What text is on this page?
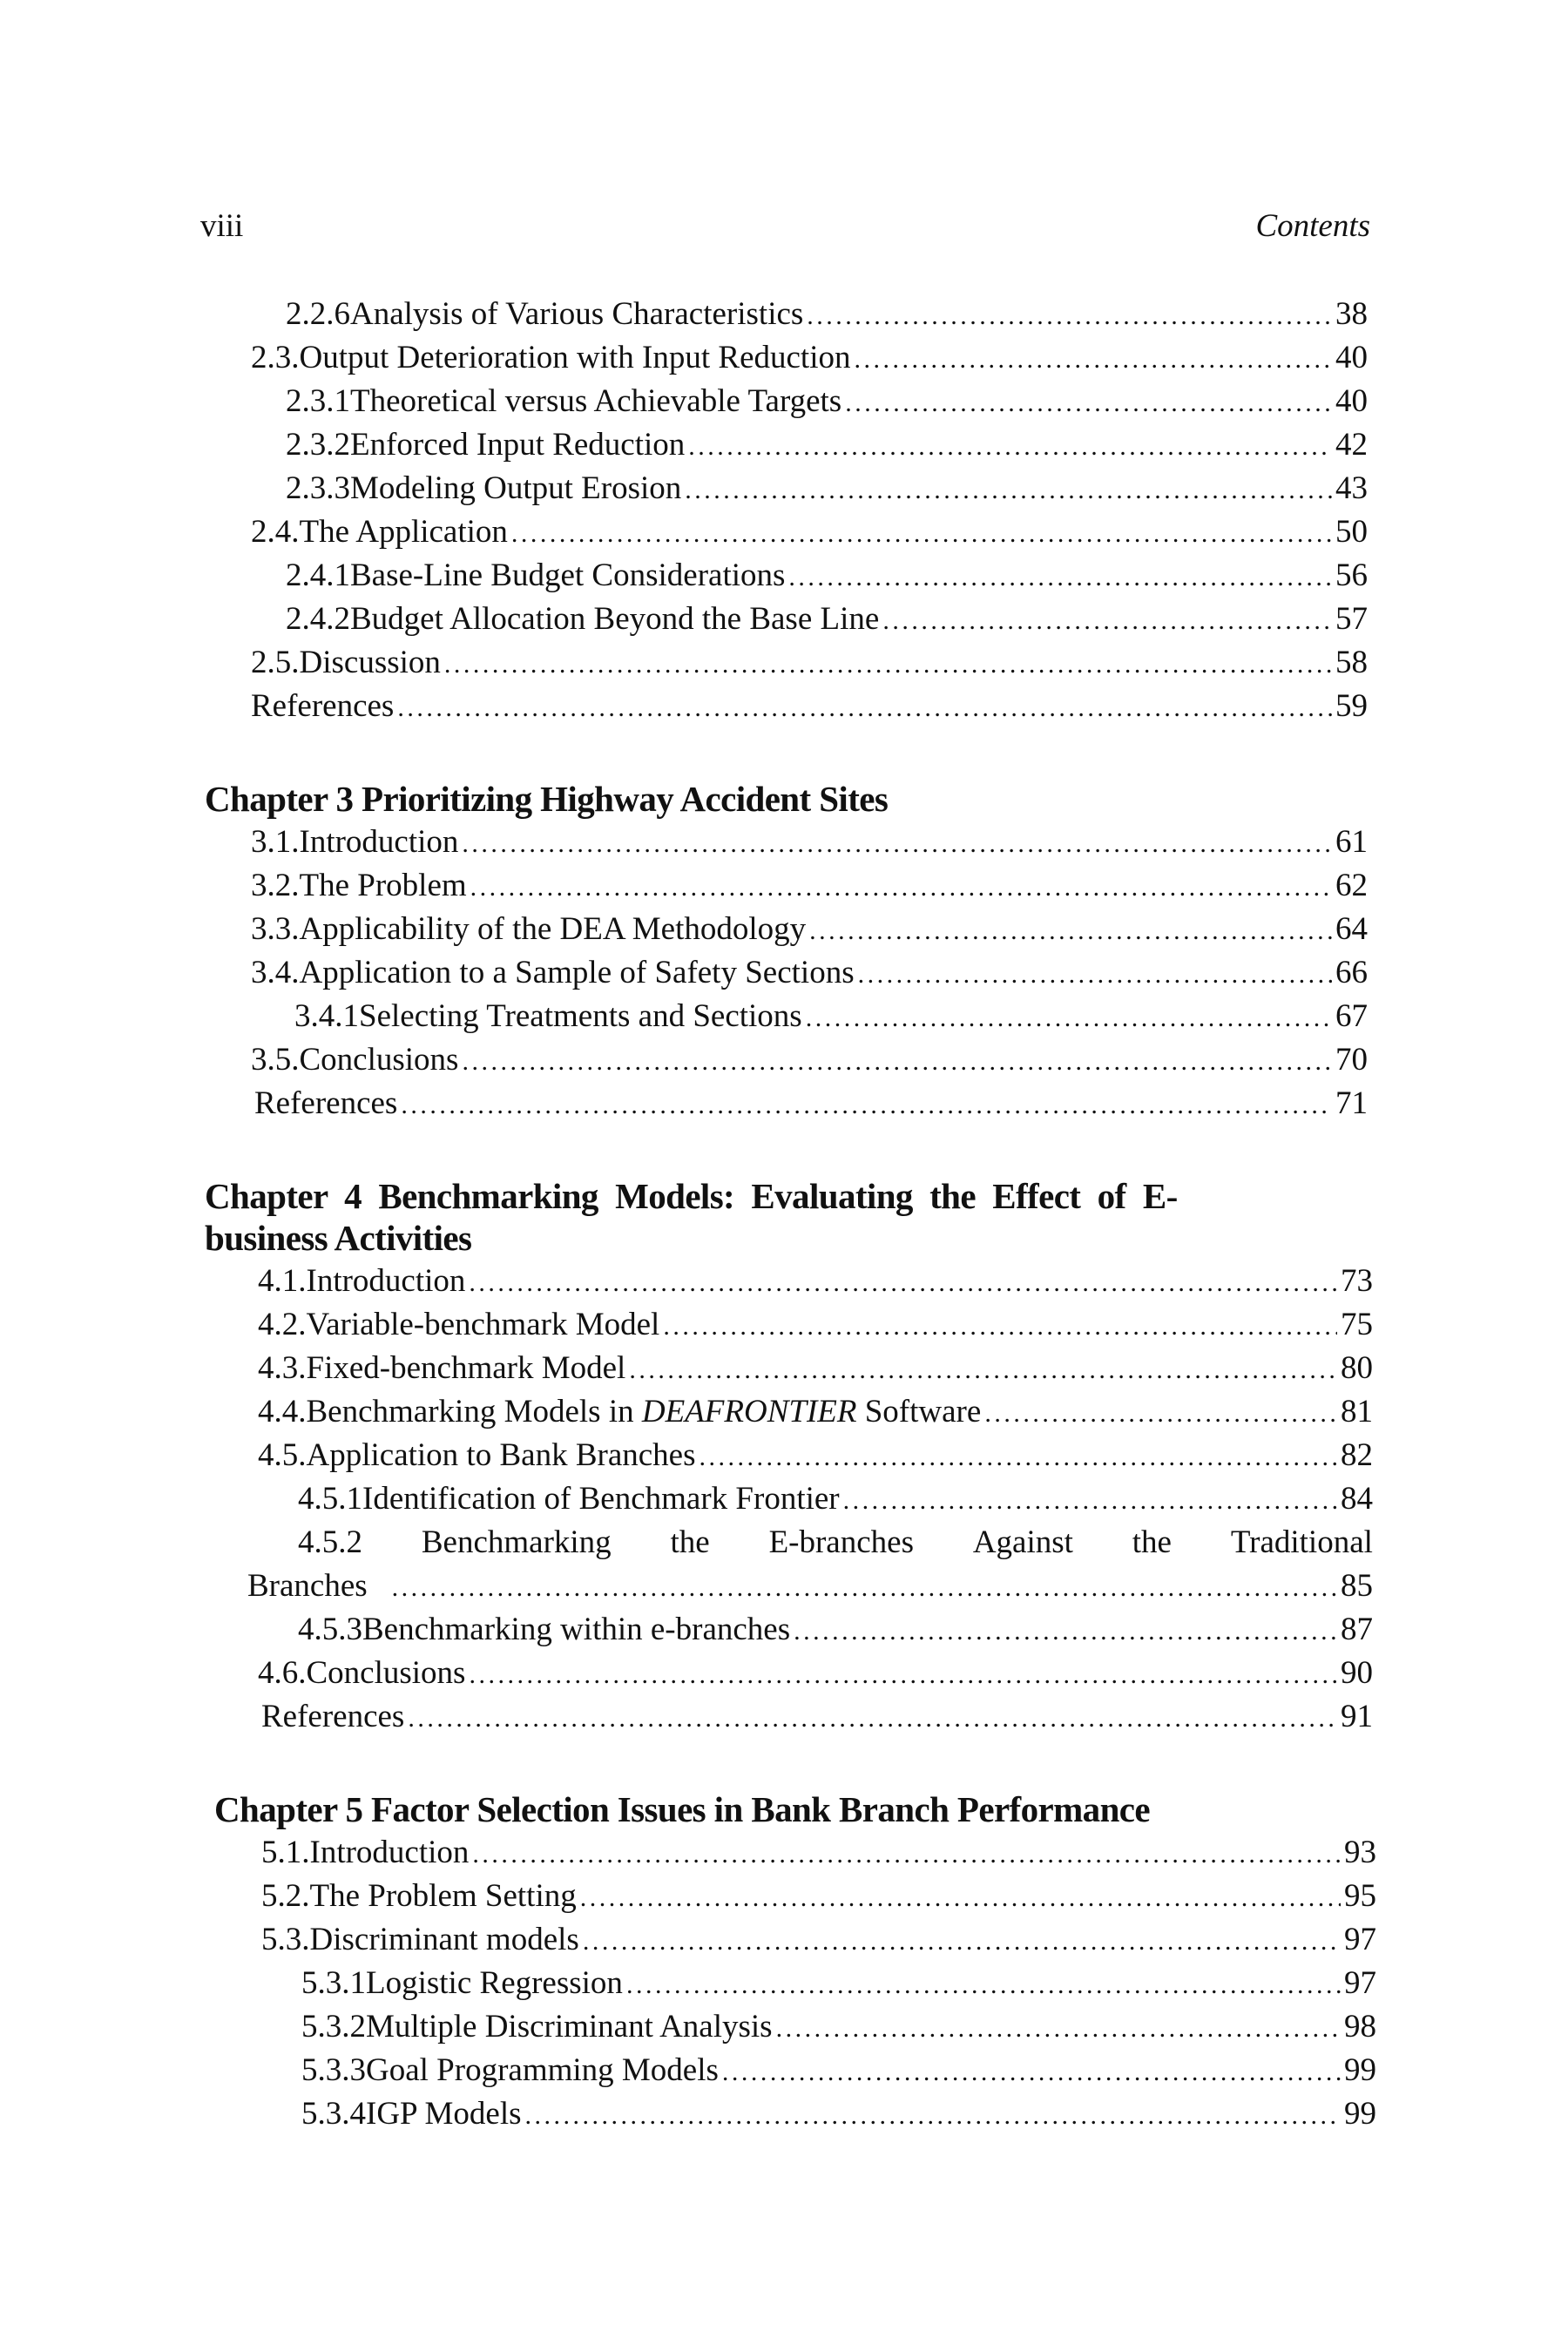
viii	Contents
2.2.6 Analysis of Various Characteristics . . .	38
2.3. Output Deterioration with Input Reduction . . .	40
2.3.1 Theoretical versus Achievable Targets . . .	40
2.3.2 Enforced Input Reduction . . .	42
2.3.3 Modeling Output Erosion . . .	43
2.4. The Application . . .	50
2.4.1 Base-Line Budget Considerations . . .	56
2.4.2 Budget Allocation Beyond the Base Line . . .	57
2.5. Discussion . . .	58
References . . .	59
Chapter 3 Prioritizing Highway Accident Sites
3.1. Introduction . . .	61
3.2. The Problem . . .	62
3.3. Applicability of the DEA Methodology . . .	64
3.4. Application to a Sample of Safety Sections . . .	66
3.4.1 Selecting Treatments and Sections . . .	67
3.5. Conclusions . . .	70
References . . .	71
Chapter  4  Benchmarking  Models:  Evaluating  the  Effect  of  E-
business Activities
4.1. Introduction . . .	73
4.2. Variable-benchmark Model . . .	75
4.3. Fixed-benchmark Model . . .	80
4.4. Benchmarking Models in DEAFRONTIER Software . . .	81
4.5. Application to Bank Branches . . .	82
4.5.1 Identification of Benchmark Frontier . . .	84
4.5.2 Benchmarking the E-branches Against the Traditional
Branches . . .	85
4.5.3 Benchmarking within e-branches . . .	87
4.6. Conclusions . . .	90
References . . .	91
Chapter 5 Factor Selection Issues in Bank Branch Performance
5.1. Introduction . . .	93
5.2. The Problem Setting . . .	95
5.3. Discriminant models . . .	97
5.3.1 Logistic Regression . . .	97
5.3.2 Multiple Discriminant Analysis . . .	98
5.3.3 Goal Programming Models . . .	99
5.3.4 IGP Models . . .	99
